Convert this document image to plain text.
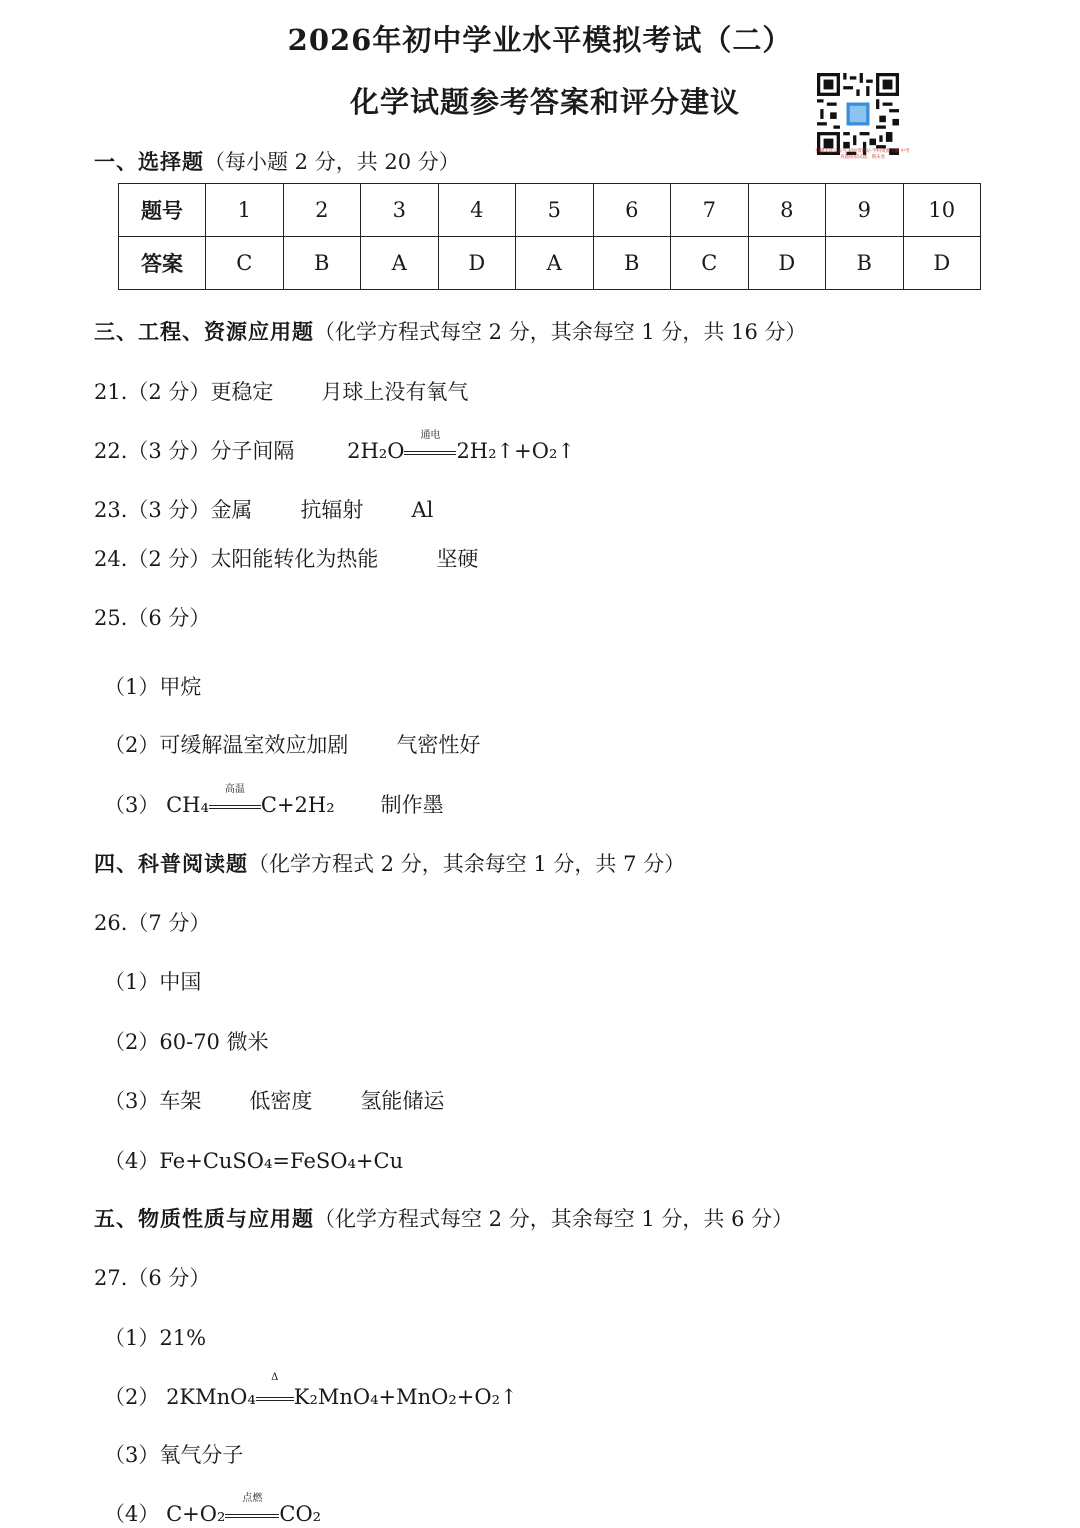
2026年初中学业水平模拟考试（二）
化学试题参考答案和评分建议
扫描关注公众号 初中资料站·学科资源下载 中考真题模拟试题、期末卷
一、选择题（每小题 2 分，共 20 分）
题号	1	2	3	4	5	6	7	8	9	10
答案	C	B	A	D	A	B	C	D	B	D
三、工程、资源应用题（化学方程式每空 2 分，其余每空 1 分，共 16 分）
21.（2 分）更稳定 月球上没有氧气
22.（3 分）分子间隔	2H₂O
通电
2H₂↑+O₂↑
23.（3 分）金属 抗辐射 Al
24.（2 分）太阳能转化为热能	坚硬
25.（6 分）
（1）甲烷
（2）可缓解温室效应加剧 气密性好
（3） CH₄
高温
C+2H₂ 制作墨
四、科普阅读题（化学方程式 2 分，其余每空 1 分，共 7 分）
26.（7 分）
（1）中国
（2）60-70 微米
（3）车架 低密度 氢能储运
（4）Fe+CuSO₄=FeSO₄+Cu
五、物质性质与应用题（化学方程式每空 2 分，其余每空 1 分，共 6 分）
27.（6 分）
（1）21%
（2） 2KMnO₄
Δ
K₂MnO₄+MnO₂+O₂↑
（3）氧气分子
（4） C+O₂
点燃
CO₂
